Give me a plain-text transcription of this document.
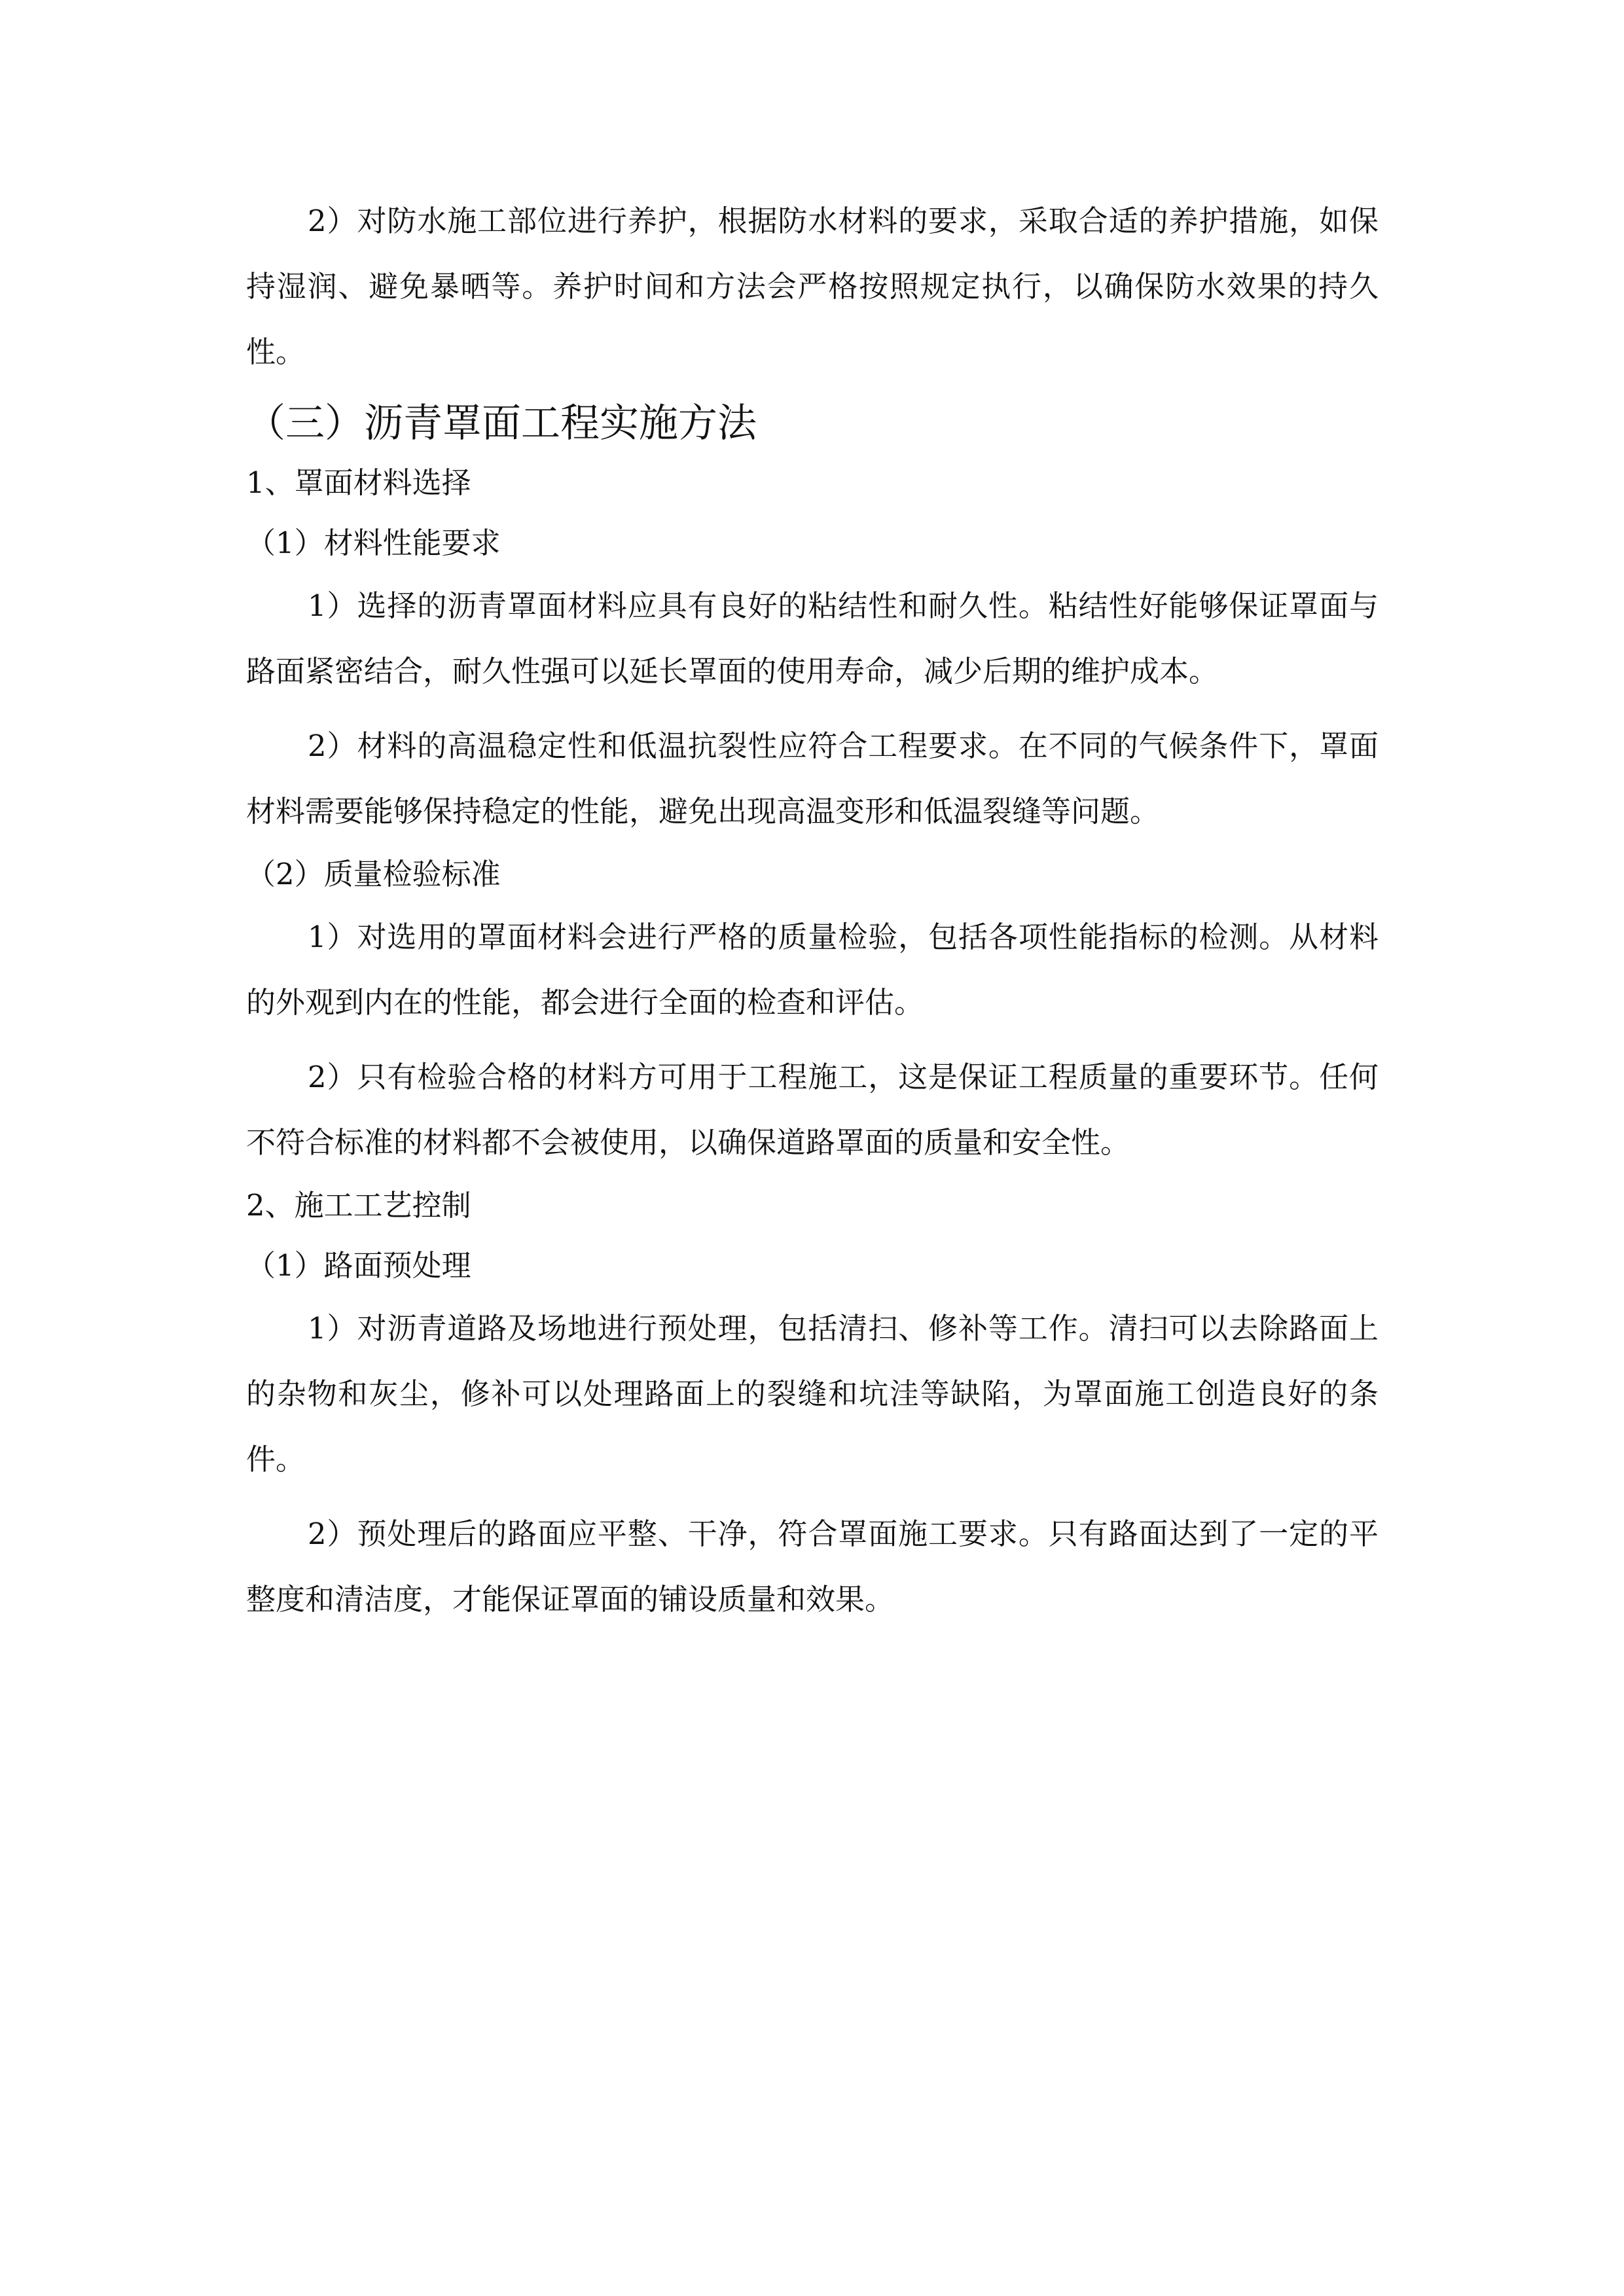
2）对防水施工部位进行养护，根据防水材料的要求，采取合适的养护措施，如保持湿润、避免暴晒等。养护时间和方法会严格按照规定执行，以确保防水效果的持久性。

（三）沥青罩面工程实施方法
1、罩面材料选择
（1）材料性能要求

1）选择的沥青罩面材料应具有良好的粘结性和耐久性。粘结性好能够保证罩面与路面紧密结合，耐久性强可以延长罩面的使用寿命，减少后期的维护成本。

2）材料的高温稳定性和低温抗裂性应符合工程要求。在不同的气候条件下，罩面材料需要能够保持稳定的性能，避免出现高温变形和低温裂缝等问题。

（2）质量检验标准

1）对选用的罩面材料会进行严格的质量检验，包括各项性能指标的检测。从材料的外观到内在的性能，都会进行全面的检查和评估。

2）只有检验合格的材料方可用于工程施工，这是保证工程质量的重要环节。任何不符合标准的材料都不会被使用，以确保道路罩面的质量和安全性。

2、施工工艺控制
（1）路面预处理

1）对沥青道路及场地进行预处理，包括清扫、修补等工作。清扫可以去除路面上的杂物和灰尘，修补可以处理路面上的裂缝和坑洼等缺陷，为罩面施工创造良好的条件。

2）预处理后的路面应平整、干净，符合罩面施工要求。只有路面达到了一定的平整度和清洁度，才能保证罩面的铺设质量和效果。
